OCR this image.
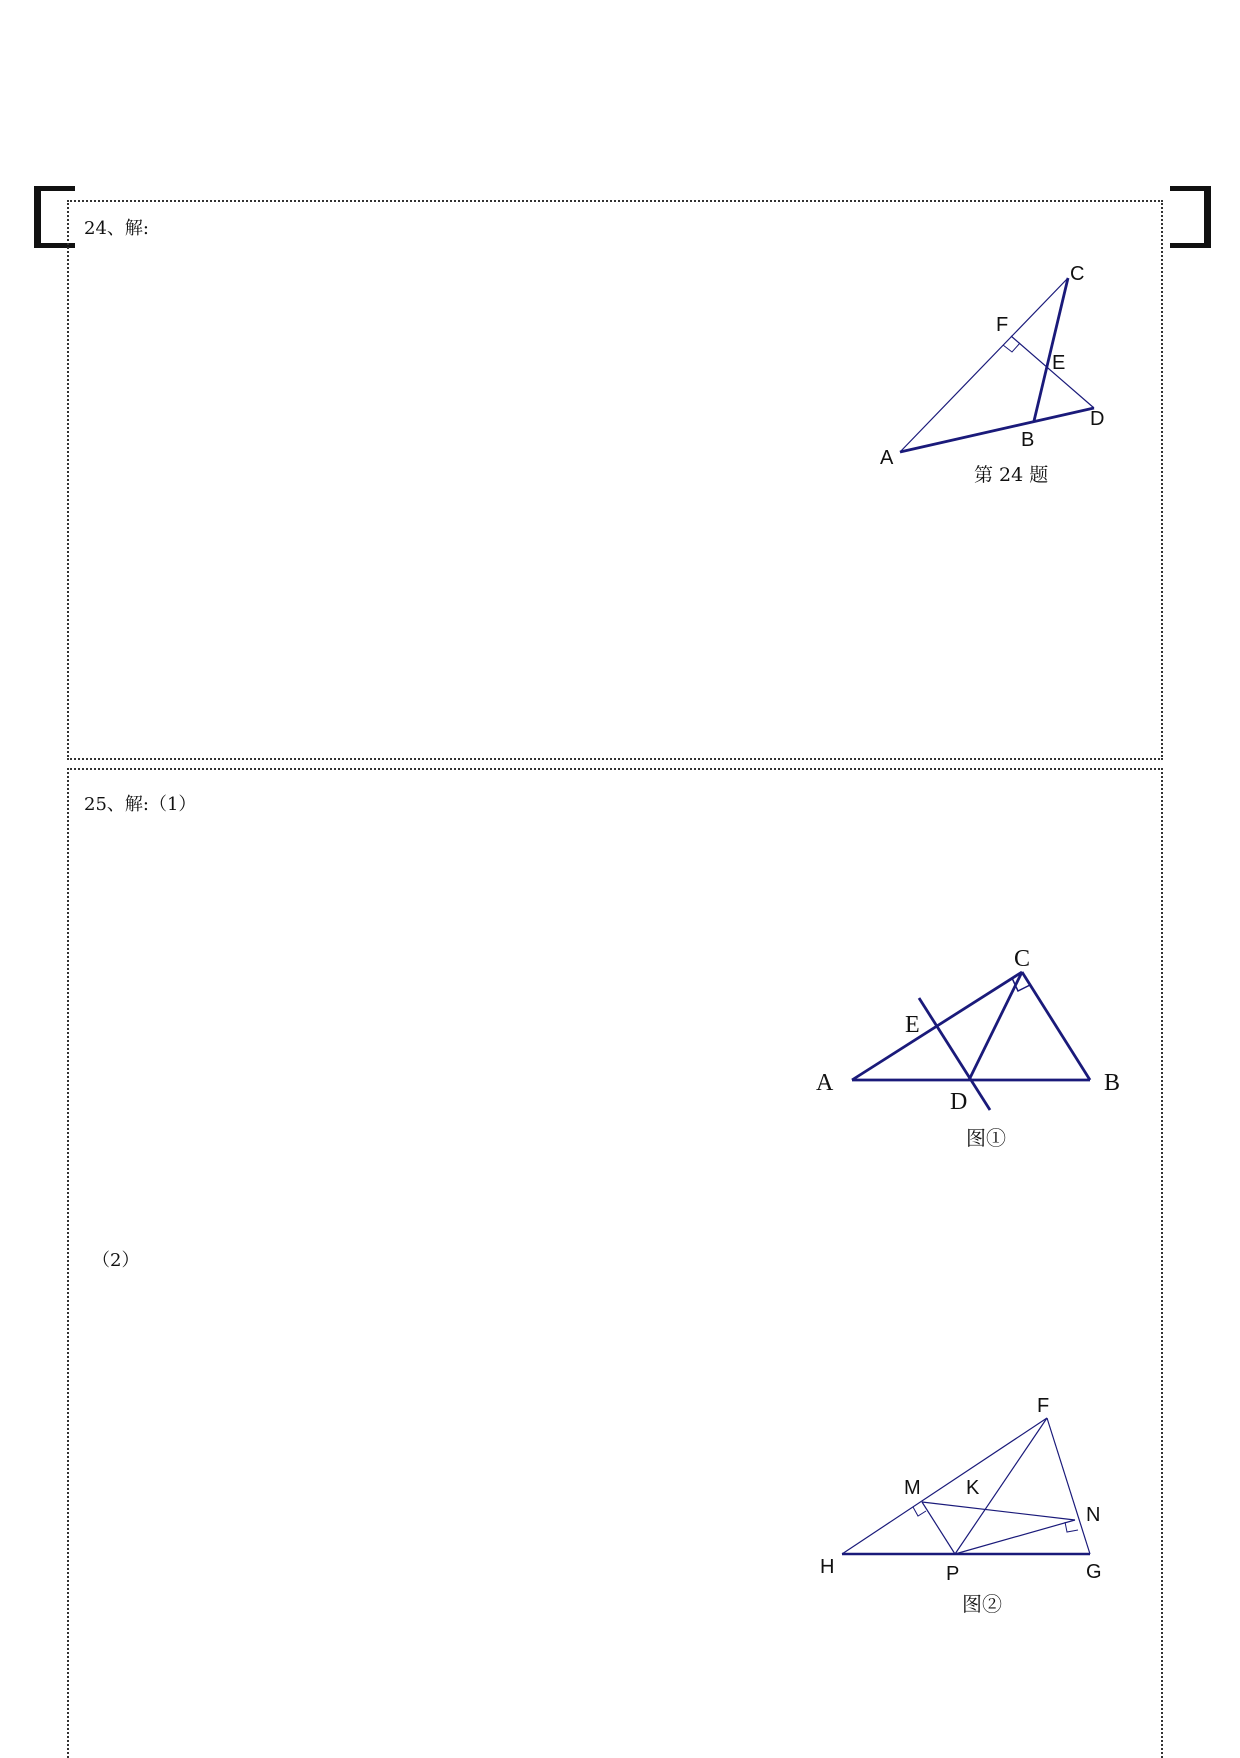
24、解:
C
F
E
D
B
A
第 24 题
25、解:（1）
（2）
C
E
A
D
B
图①
F
M K
N
H	P	G
图②
